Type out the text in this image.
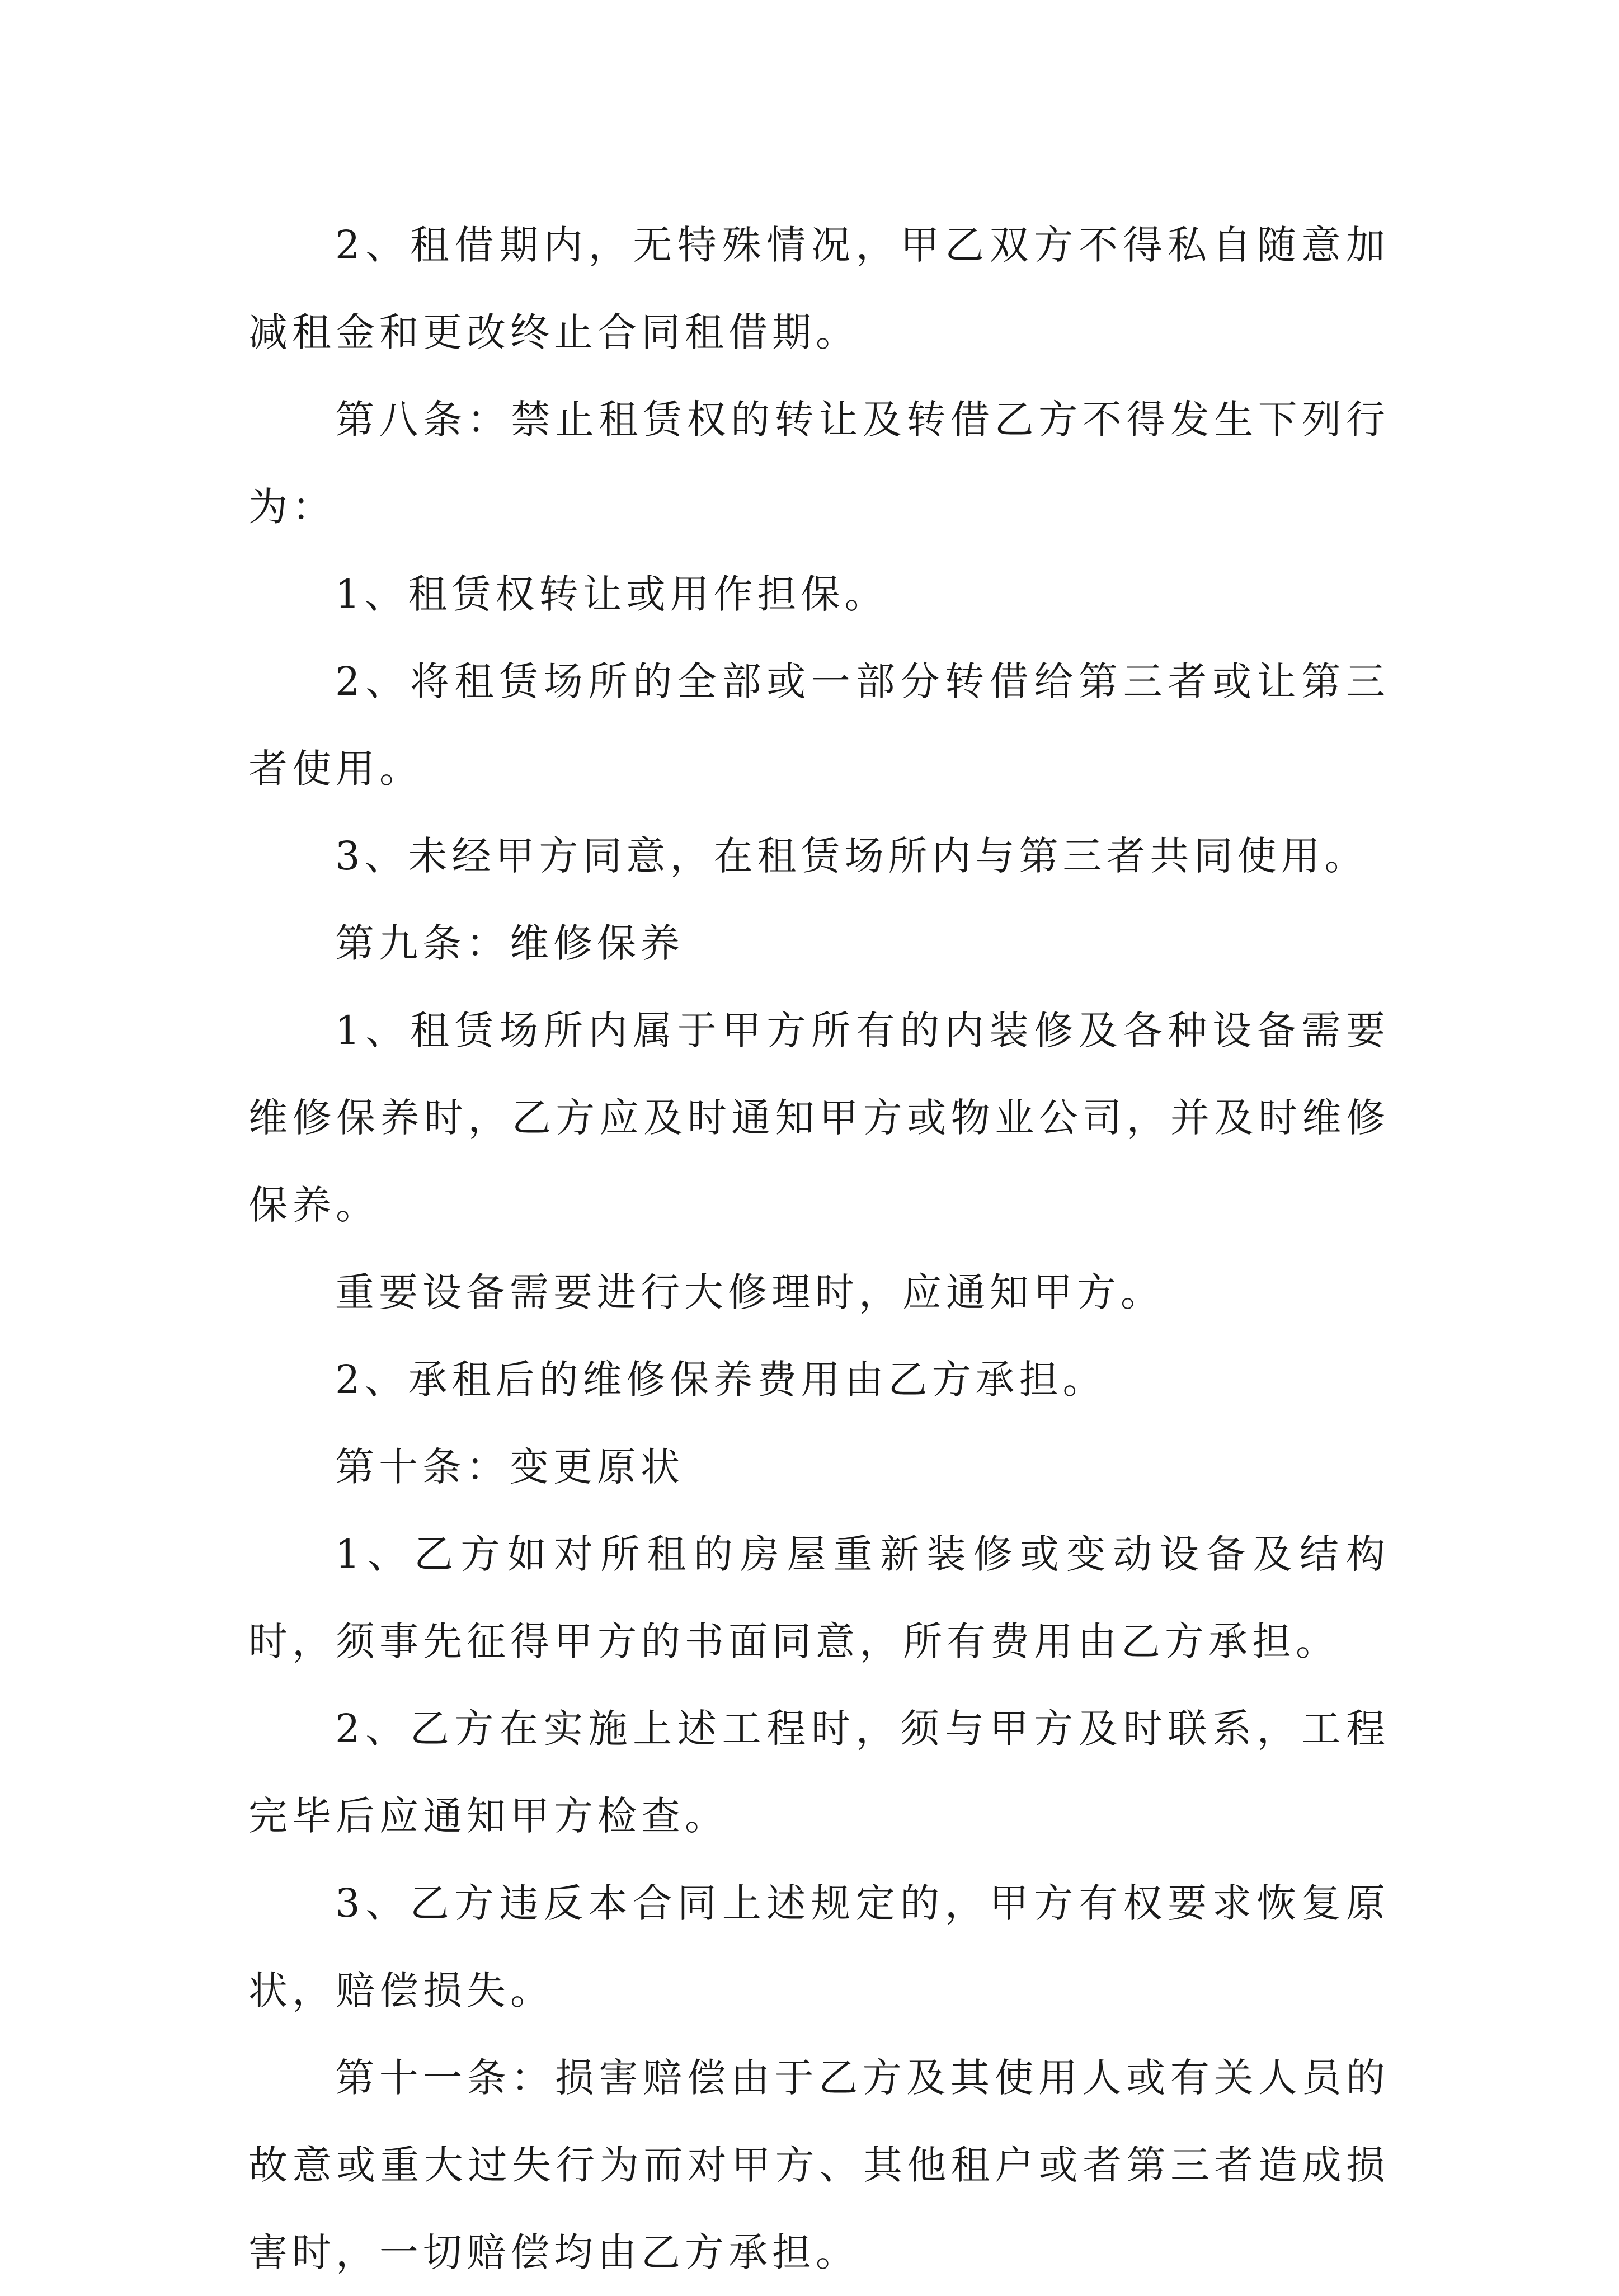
2、租借期内，无特殊情况，甲乙双方不得私自随意加减租金和更改终止合同租借期。

第八条：禁止租赁权的转让及转借乙方不得发生下列行为：

1、租赁权转让或用作担保。

2、将租赁场所的全部或一部分转借给第三者或让第三者使用。

3、未经甲方同意，在租赁场所内与第三者共同使用。

第九条：维修保养

1、租赁场所内属于甲方所有的内装修及各种设备需要维修保养时，乙方应及时通知甲方或物业公司，并及时维修保养。

重要设备需要进行大修理时，应通知甲方。

2、承租后的维修保养费用由乙方承担。

第十条：变更原状

1、乙方如对所租的房屋重新装修或变动设备及结构时，须事先征得甲方的书面同意，所有费用由乙方承担。

2、乙方在实施上述工程时，须与甲方及时联系，工程完毕后应通知甲方检查。

3、乙方违反本合同上述规定的，甲方有权要求恢复原状，赔偿损失。

第十一条：损害赔偿由于乙方及其使用人或有关人员的故意或重大过失行为而对甲方、其他租户或者第三者造成损害时，一切赔偿均由乙方承担。
